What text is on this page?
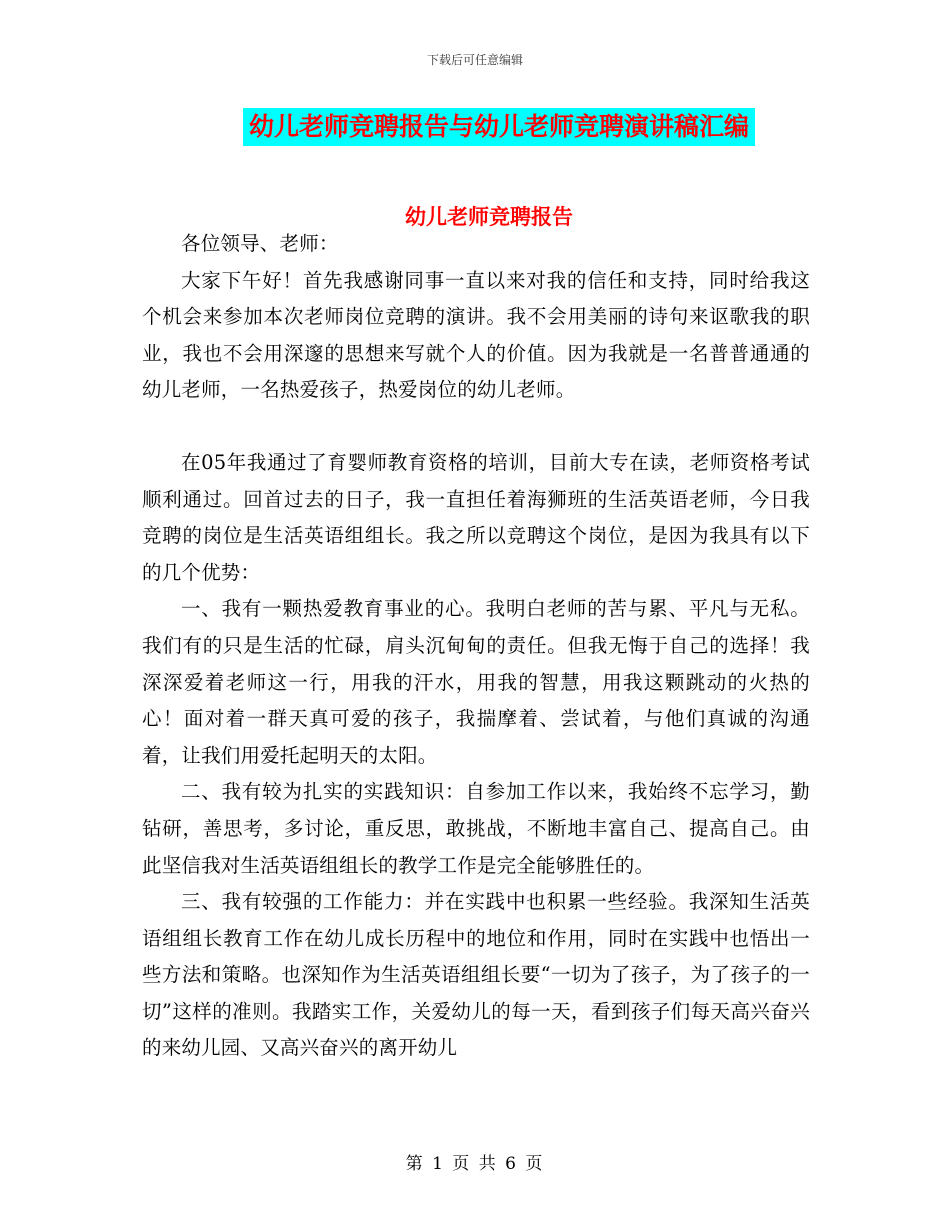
下载后可任意编辑
幼儿老师竞聘报告与幼儿老师竞聘演讲稿汇编
幼儿老师竞聘报告

各位领导、老师：

大家下午好！首先我感谢同事一直以来对我的信任和支持，同时给我这个机会来参加本次老师岗位竞聘的演讲。我不会用美丽的诗句来讴歌我的职业，我也不会用深邃的思想来写就个人的价值。因为我就是一名普普通通的幼儿老师，一名热爱孩子，热爱岗位的幼儿老师。

在05年我通过了育婴师教育资格的培训，目前大专在读，老师资格考试顺利通过。回首过去的日子，我一直担任着海狮班的生活英语老师，今日我竞聘的岗位是生活英语组组长。我之所以竞聘这个岗位，是因为我具有以下的几个优势：

一、我有一颗热爱教育事业的心。我明白老师的苦与累、平凡与无私。我们有的只是生活的忙碌，肩头沉甸甸的责任。但我无悔于自己的选择！我深深爱着老师这一行，用我的汗水，用我的智慧，用我这颗跳动的火热的心！面对着一群天真可爱的孩子，我揣摩着、尝试着，与他们真诚的沟通着，让我们用爱托起明天的太阳。

二、我有较为扎实的实践知识：自参加工作以来，我始终不忘学习，勤钻研，善思考，多讨论，重反思，敢挑战，不断地丰富自己、提高自己。由此坚信我对生活英语组组长的教学工作是完全能够胜任的。

三、我有较强的工作能力：并在实践中也积累一些经验。我深知生活英语组组长教育工作在幼儿成长历程中的地位和作用，同时在实践中也悟出一些方法和策略。也深知作为生活英语组组长要“一切为了孩子，为了孩子的一切”这样的准则。我踏实工作，关爱幼儿的每一天，看到孩子们每天高兴奋兴的来幼儿园、又高兴奋兴的离开幼儿

第 1 页 共 6 页
